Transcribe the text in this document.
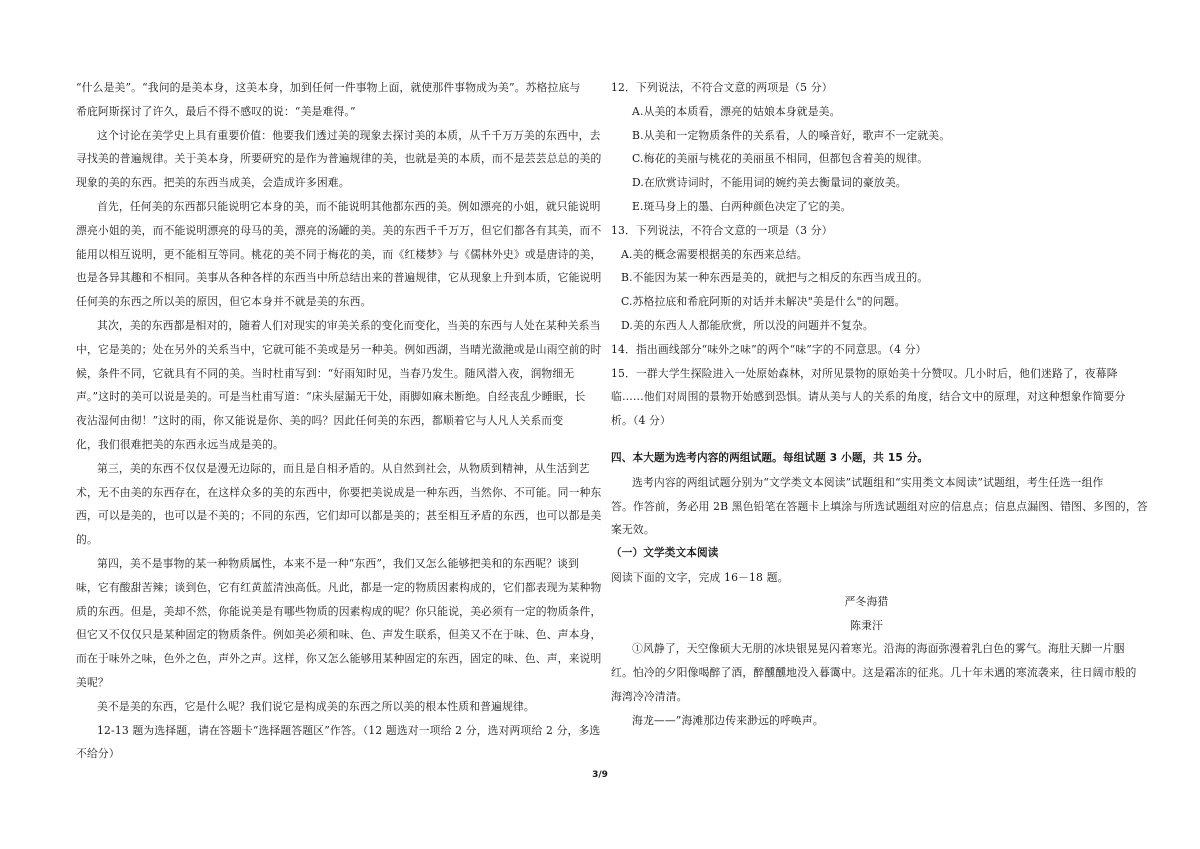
“什么是美”。“我问的是美本身，这美本身，加到任何一件事物上面，就使那件事物成为美”。苏格拉底与
希庇阿斯探讨了许久，最后不得不感叹的说：“美是难得。”
这个讨论在美学史上具有重要价值：他要我们透过美的现象去探讨美的本质，从千千万万美的东西中，去
寻找美的普遍规律。关于美本身，所要研究的是作为普遍规律的美，也就是美的本质，而不是芸芸总总的美的
现象的美的东西。把美的东西当成美，会造成许多困难。
首先，任何美的东西都只能说明它本身的美，而不能说明其他都东西的美。例如漂亮的小姐，就只能说明
漂亮小姐的美，而不能说明漂亮的母马的美，漂亮的汤罐的美。美的东西千千万万，但它们都各有其美，而不
能用以相互说明，更不能相互等同。桃花的美不同于梅花的美，而《红楼梦》与《儒林外史》或是唐诗的美，
也是各异其趣和不相同。美事从各种各样的东西当中所总结出来的普遍规律，它从现象上升到本质，它能说明
任何美的东西之所以美的原因，但它本身并不就是美的东西。
其次，美的东西都是相对的，随着人们对现实的审美关系的变化而变化，当美的东西与人处在某种关系当
中，它是美的；处在另外的关系当中，它就可能不美或是另一种美。例如西湖，当晴光潋滟或是山雨空前的时
候，条件不同，它就具有不同的美。当时杜甫写到：“好雨知时见，当春乃发生。随风潜入夜，润物细无
声。”这时的美可以说是美的。可是当杜甫写道：“床头屋漏无干处，雨脚如麻未断绝。自经丧乱少睡眠，长
夜沾湿何由彻！”这时的雨，你又能说是你、美的吗？因此任何美的东西，都顺着它与人凡人关系而变
化，我们很难把美的东西永远当成是美的。
第三，美的东西不仅仅是漫无边际的，而且是自相矛盾的。从自然到社会，从物质到精神，从生活到艺
术，无不由美的东西存在，在这样众多的美的东西中，你要把美说成是一种东西，当然你、不可能。同一种东
西，可以是美的，也可以是不美的；不同的东西，它们却可以都是美的；甚至相互矛盾的东西，也可以都是美
的。
第四，美不是事物的某一种物质属性，本来不是一种“东西”，我们又怎么能够把美和的东西呢？谈到
味，它有酸甜苦辣；谈到色，它有红黄蓝清浊高低。凡此，都是一定的物质因素构成的，它们都表现为某种物
质的东西。但是，美却不然，你能说美是有哪些物质的因素构成的呢？你只能说，美必须有一定的物质条件，
但它又不仅仅只是某种固定的物质条件。例如美必须和味、色、声发生联系，但美又不在于味、色、声本身，
而在于味外之味，色外之色，声外之声。这样，你又怎么能够用某种固定的东西，固定的味、色、声，来说明
美呢？
美不是美的东西，它是什么呢？我们说它是构成美的东西之所以美的根本性质和普遍规律。
12-13 题为选择题，请在答题卡“选择题答题区”作答。（12 题选对一项给 2 分，选对两项给 2 分，多选
不给分）
12．下列说法，不符合文意的两项是（5 分）
A.从美的本质看，漂亮的姑娘本身就是美。
B.从美和一定物质条件的关系看，人的嗓音好，歌声不一定就美。
C.梅花的美丽与桃花的美丽虽不相同，但都包含着美的规律。
D.在欣赏诗词时，不能用词的婉约美去衡量词的豪放美。
E.斑马身上的墨、白两种颜色决定了它的美。
13．下列说法，不符合文意的一项是（3 分）
A.美的概念需要根据美的东西来总结。
B.不能因为某一种东西是美的，就把与之相反的东西当成丑的。
C.苏格拉底和希庇阿斯的对话并未解决"美是什么"的问题。
D.美的东西人人都能欣赏，所以没的问题并不复杂。
14．指出画线部分“味外之味”的两个“味”字的不同意思。（4 分）
15．一群大学生探险进入一处原始森林，对所见景物的原始美十分赞叹。几小时后，他们迷路了，夜幕降
临……他们对周围的景物开始感到恐惧。请从美与人的关系的角度，结合文中的原理，对这种想象作简要分
析。（4 分）
四、本大题为选考内容的两组试题。每组试题 3 小题，共 15 分。
选考内容的两组试题分别为“文学类文本阅读”试题组和“实用类文本阅读”试题组，考生任选一组作
答。作答前，务必用 2B 黑色铅笔在答题卡上填涂与所选试题组对应的信息点；信息点漏图、错图、多图的，答
案无效。
（一）文学类文本阅读
阅读下面的文字，完成 16－18 题。
严冬海猎
陈秉汗
①风静了，天空像硕大无朋的冰块银晃晃闪着寒光。沿海的海面弥漫着乳白色的雾气。海肚天脚一片胭
红。怕冷的夕阳像喝醉了酒，醉醺醺地没入暮霭中。这是霜冻的征兆。几十年未遇的寒流袭来，往日阔市般的
海湾冷冷清清。
海龙——”海滩那边传来渺远的呼唤声。
3/9
